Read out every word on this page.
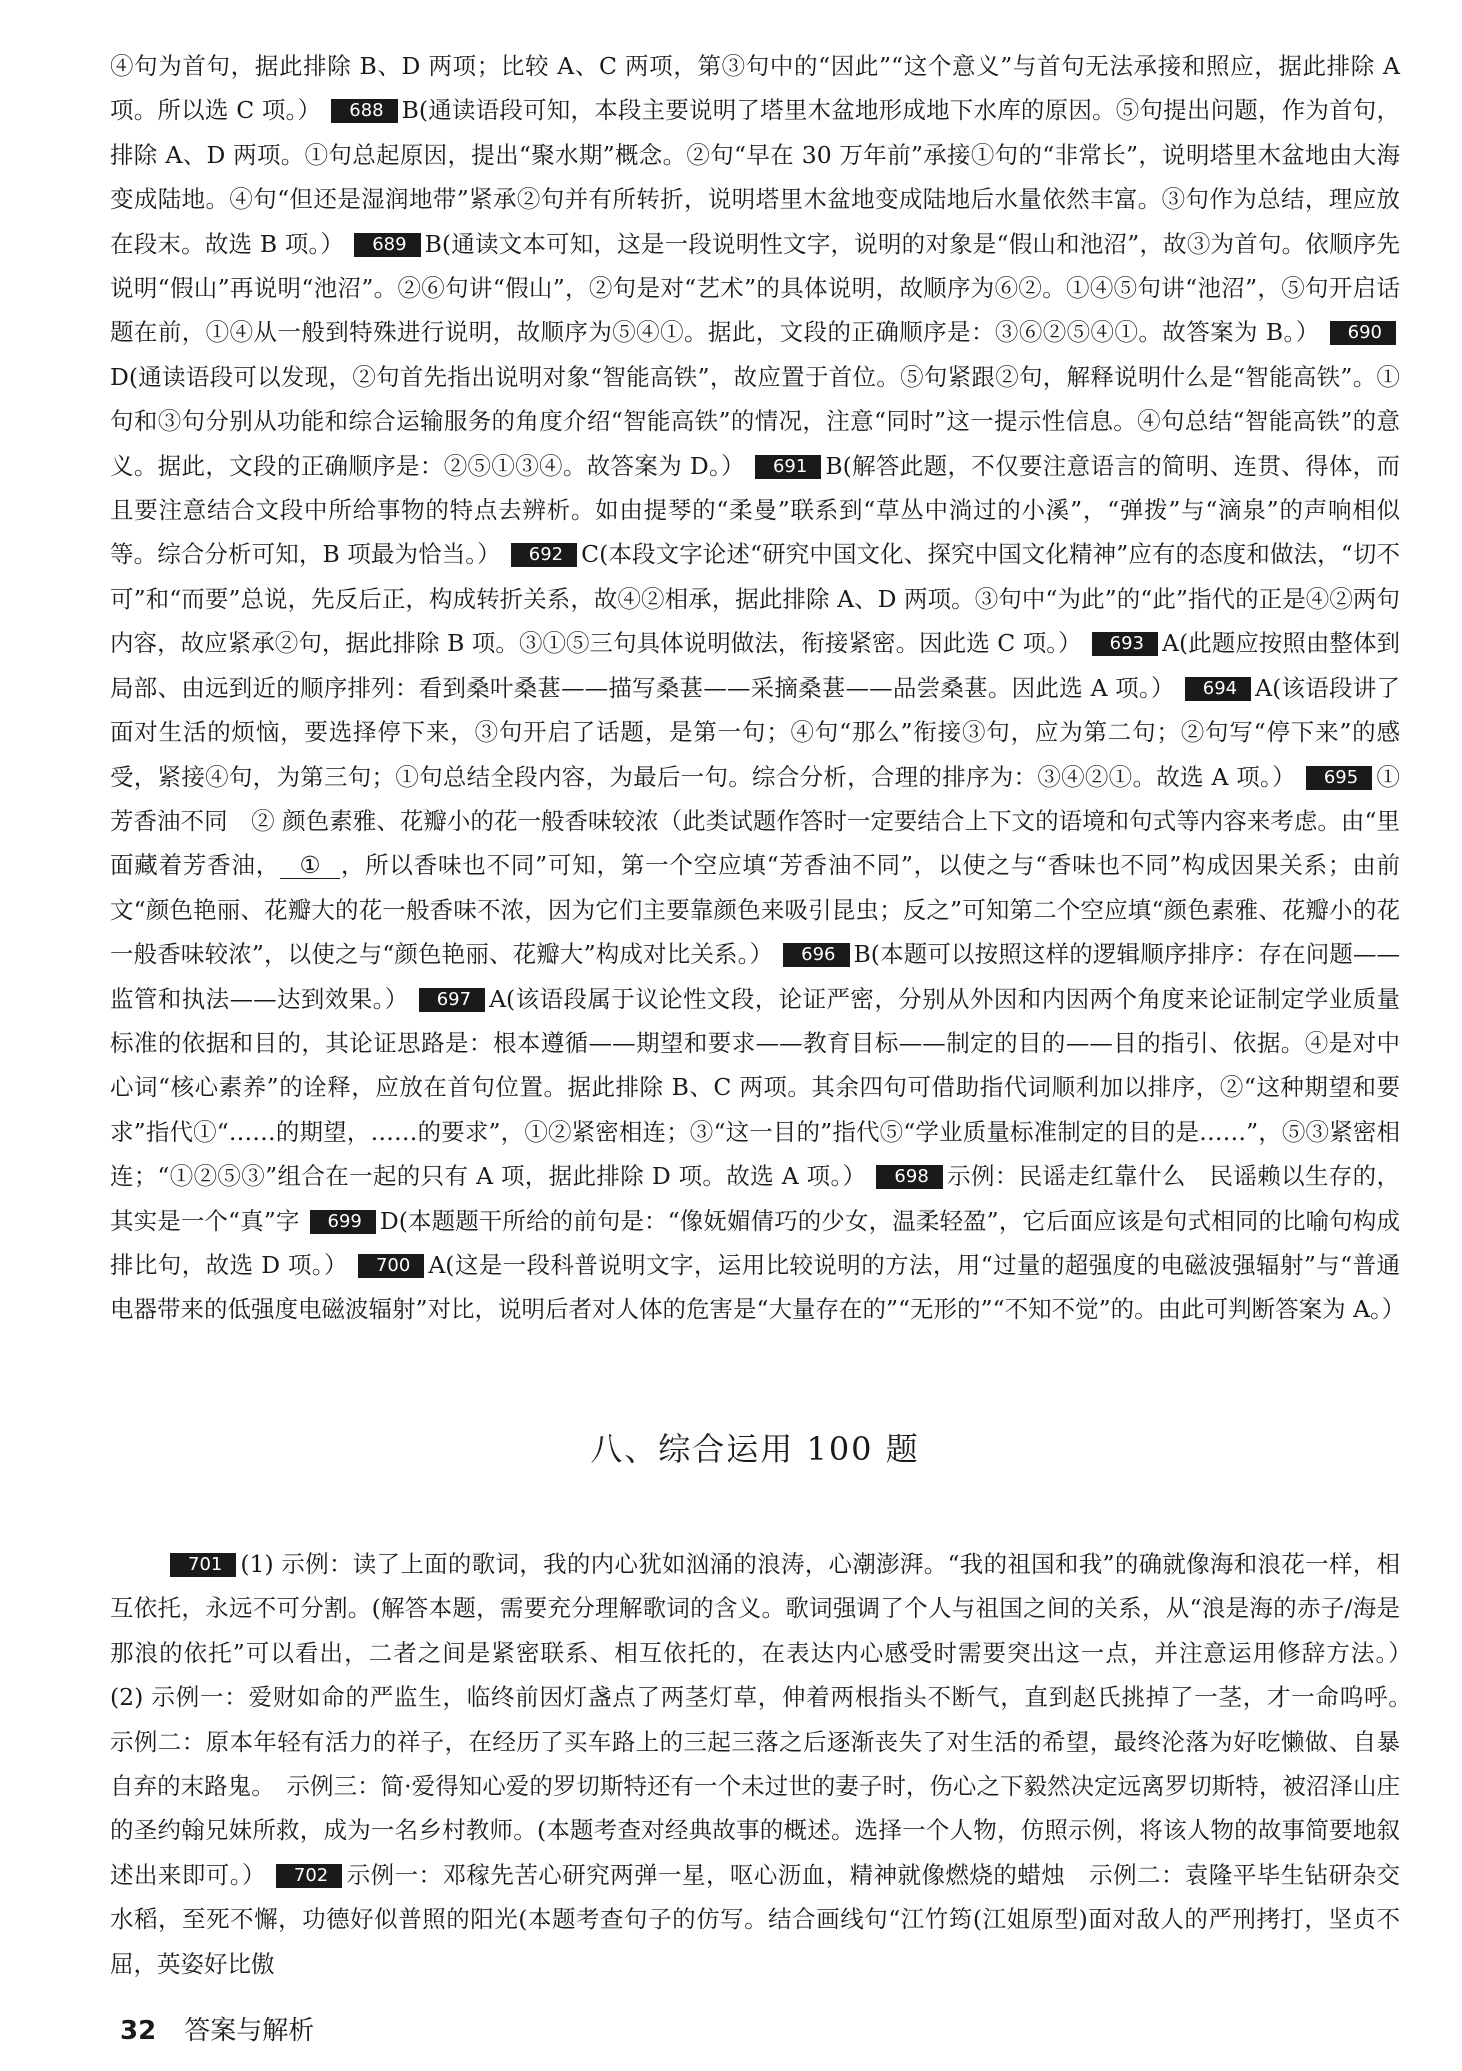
④句为首句，据此排除 B、D 两项；比较 A、C 两项，第③句中的“因此”“这个意义”与首句无法承接和照应，据此排除 A 项。所以选 C 项。） 688 B(通读语段可知，本段主要说明了塔里木盆地形成地下水库的原因。⑤句提出问题，作为首句，排除 A、D 两项。①句总起原因，提出“聚水期”概念。②句“早在 30 万年前”承接①句的“非常长”，说明塔里木盆地由大海变成陆地。④句“但还是湿润地带”紧承②句并有所转折，说明塔里木盆地变成陆地后水量依然丰富。③句作为总结，理应放在段末。故选 B 项。） 689 B(通读文本可知，这是一段说明性文字，说明的对象是“假山和池沼”，故③为首句。依顺序先说明“假山”再说明“池沼”。②⑥句讲“假山”，②句是对“艺术”的具体说明，故顺序为⑥②。①④⑤句讲“池沼”，⑤句开启话题在前，①④从一般到特殊进行说明，故顺序为⑤④①。据此，文段的正确顺序是：③⑥②⑤④①。故答案为 B。） 690D(通读语段可以发现，②句首先指出说明对象“智能高铁”，故应置于首位。⑤句紧跟②句，解释说明什么是“智能高铁”。①句和③句分别从功能和综合运输服务的角度介绍“智能高铁”的情况，注意“同时”这一提示性信息。④句总结“智能高铁”的意义。据此，文段的正确顺序是：②⑤①③④。故答案为 D。） 691 B(解答此题，不仅要注意语言的简明、连贯、得体，而且要注意结合文段中所给事物的特点去辨析。如由提琴的“柔曼”联系到“草丛中淌过的小溪”，“弹拨”与“滴泉”的声响相似等。综合分析可知，B 项最为恰当。） 692 C(本段文字论述“研究中国文化、探究中国文化精神”应有的态度和做法，“切不可”和“而要”总说，先反后正，构成转折关系，故④②相承，据此排除 A、D 两项。③句中“为此”的“此”指代的正是④②两句内容，故应紧承②句，据此排除 B 项。③①⑤三句具体说明做法，衔接紧密。因此选 C 项。） 693 A(此题应按照由整体到局部、由远到近的顺序排列：看到桑叶桑葚——描写桑葚——采摘桑葚——品尝桑葚。因此选 A 项。） 694 A(该语段讲了面对生活的烦恼，要选择停下来，③句开启了话题，是第一句；④句“那么”衔接③句，应为第二句；②句写“停下来”的感受，紧接④句，为第三句；①句总结全段内容，为最后一句。综合分析，合理的排序为：③④②①。故选 A 项。） 695 ① 芳香油不同　② 颜色素雅、花瓣小的花一般香味较浓（此类试题作答时一定要结合上下文的语境和句式等内容来考虑。由“里面藏着芳香油， ① ，所以香味也不同”可知，第一个空应填“芳香油不同”，以使之与“香味也不同”构成因果关系；由前文“颜色艳丽、花瓣大的花一般香味不浓，因为它们主要靠颜色来吸引昆虫；反之”可知第二个空应填“颜色素雅、花瓣小的花一般香味较浓”，以使之与“颜色艳丽、花瓣大”构成对比关系。） 696 B(本题可以按照这样的逻辑顺序排序：存在问题——监管和执法——达到效果。） 697 A(该语段属于议论性文段，论证严密，分别从外因和内因两个角度来论证制定学业质量标准的依据和目的，其论证思路是：根本遵循——期望和要求——教育目标——制定的目的——目的指引、依据。④是对中心词“核心素养”的诠释，应放在首句位置。据此排除 B、C 两项。其余四句可借助指代词顺利加以排序，②“这种期望和要求”指代①“……的期望，……的要求”，①②紧密相连；③“这一目的”指代⑤“学业质量标准制定的目的是……”，⑤③紧密相连；“①②⑤③”组合在一起的只有 A 项，据此排除 D 项。故选 A 项。） 698 示例：民谣走红靠什么　民谣赖以生存的，其实是一个“真”字 699 D(本题题干所给的前句是：“像妩媚倩巧的少女，温柔轻盈”，它后面应该是句式相同的比喻句构成排比句，故选 D 项。） 700 A(这是一段科普说明文字，运用比较说明的方法，用“过量的超强度的电磁波强辐射”与“普通电器带来的低强度电磁波辐射”对比，说明后者对人体的危害是“大量存在的”“无形的”“不知不觉”的。由此可判断答案为 A。）
八、综合运用 100 题
701 (1) 示例：读了上面的歌词，我的内心犹如汹涌的浪涛，心潮澎湃。“我的祖国和我”的确就像海和浪花一样，相互依托，永远不可分割。(解答本题，需要充分理解歌词的含义。歌词强调了个人与祖国之间的关系，从“浪是海的赤子/海是那浪的依托”可以看出，二者之间是紧密联系、相互依托的，在表达内心感受时需要突出这一点，并注意运用修辞方法。）　(2) 示例一：爱财如命的严监生，临终前因灯盏点了两茎灯草，伸着两根指头不断气，直到赵氏挑掉了一茎，才一命呜呼。　示例二：原本年轻有活力的祥子，在经历了买车路上的三起三落之后逐渐丧失了对生活的希望，最终沦落为好吃懒做、自暴自弃的末路鬼。　示例三：简·爱得知心爱的罗切斯特还有一个未过世的妻子时，伤心之下毅然决定远离罗切斯特，被沼泽山庄的圣约翰兄妹所救，成为一名乡村教师。(本题考查对经典故事的概述。选择一个人物，仿照示例，将该人物的故事简要地叙述出来即可。） 702 示例一：邓稼先苦心研究两弹一星，呕心沥血，精神就像燃烧的蜡烛　示例二：袁隆平毕生钻研杂交水稻，至死不懈，功德好似普照的阳光(本题考查句子的仿写。结合画线句“江竹筠(江姐原型)面对敌人的严刑拷打，坚贞不屈，英姿好比傲
32 答案与解析
